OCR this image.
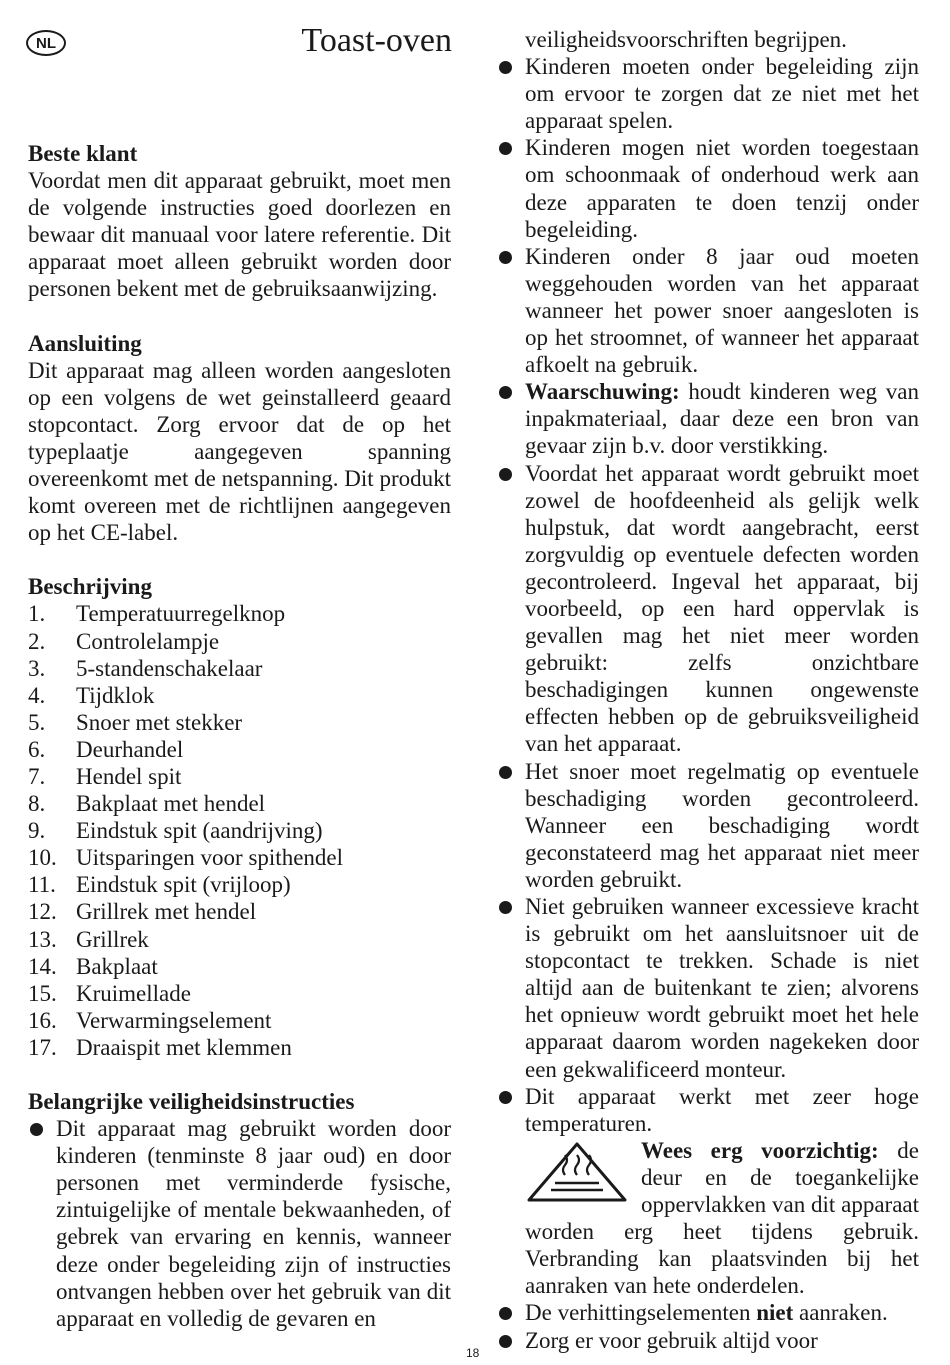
NL	Toast-oven
Beste klant

Voordat men dit apparaat gebruikt, moet men de volgende instructies goed doorlezen en bewaar dit manuaal voor latere referentie. Dit apparaat moet alleen gebruikt worden door personen bekent met de gebruiksaanwijzing.

Aansluiting

Dit apparaat mag alleen worden aangesloten op een volgens de wet geinstalleerd geaard stopcontact. Zorg ervoor dat de op het typeplaatje aangegeven spanning overeenkomt met de netspanning. Dit produkt komt overeen met de richtlijnen aangegeven op het CE-label.

Beschrijving
1.	Temperatuurregelknop
2.	Controlelampje
3.	5-standenschakelaar
4.	Tijdklok
5.	Snoer met stekker
6.	Deurhandel
7.	Hendel spit
8.	Bakplaat met hendel
9.	Eindstuk spit (aandrijving)
10. Uitsparingen voor spithendel
11. Eindstuk spit (vrijloop)
12. Grillrek met hendel
13. Grillrek
14. Bakplaat
15. Kruimellade
16. Verwarmingselement
17. Draaispit met klemmen
Belangrijke veiligheidsinstructies
Dit apparaat mag gebruikt worden door kinderen (tenminste 8 jaar oud) en door personen met verminderde fysische, zintuigelijke of mentale bekwaanheden, of gebrek van ervaring en kennis, wanneer deze onder begeleiding zijn of instructies ontvangen hebben over het gebruik van dit apparaat en volledig de gevaren en

veiligheidsvoorschriften begrijpen.

Kinderen moeten onder begeleiding zijn om ervoor te zorgen dat ze niet met het apparaat spelen.
Kinderen mogen niet worden toegestaan om schoonmaak of onderhoud werk aan deze apparaten te doen tenzij onder begeleiding.
Kinderen onder 8 jaar oud moeten weggehouden worden van het apparaat wanneer het power snoer aangesloten is op het stroomnet, of wanneer het apparaat afkoelt na gebruik.
Waarschuwing: houdt kinderen weg van inpakmateriaal, daar deze een bron van gevaar zijn b.v. door verstikking.
Voordat het apparaat wordt gebruikt moet zowel de hoofdeenheid als gelijk welk hulpstuk, dat wordt aangebracht, eerst zorgvuldig op eventuele defecten worden gecontroleerd. Ingeval het apparaat, bij voorbeeld, op een hard oppervlak is gevallen mag het niet meer worden gebruikt: zelfs onzichtbare beschadigingen kunnen ongewenste effecten hebben op de gebruiksveiligheid van het apparaat.
Het snoer moet regelmatig op eventuele beschadiging worden gecontroleerd. Wanneer een beschadiging wordt geconstateerd mag het apparaat niet meer worden gebruikt.
Niet gebruiken wanneer excessieve kracht is gebruikt om het aansluitsnoer uit de stopcontact te trekken. Schade is niet altijd aan de buitenkant te zien; alvorens het opnieuw wordt gebruikt moet het hele apparaat daarom worden nagekeken door een gekwalificeerd monteur.
Dit apparaat werkt met zeer hoge temperaturen.
Wees erg voorzichtig: de deur en de toegankelijke oppervlakken van dit apparaat worden erg heet tijdens gebruik. Verbranding kan plaatsvinden bij het aanraken van hete onderdelen.
De verhittingselementen niet aanraken.
Zorg er voor gebruik altijd voor
18
